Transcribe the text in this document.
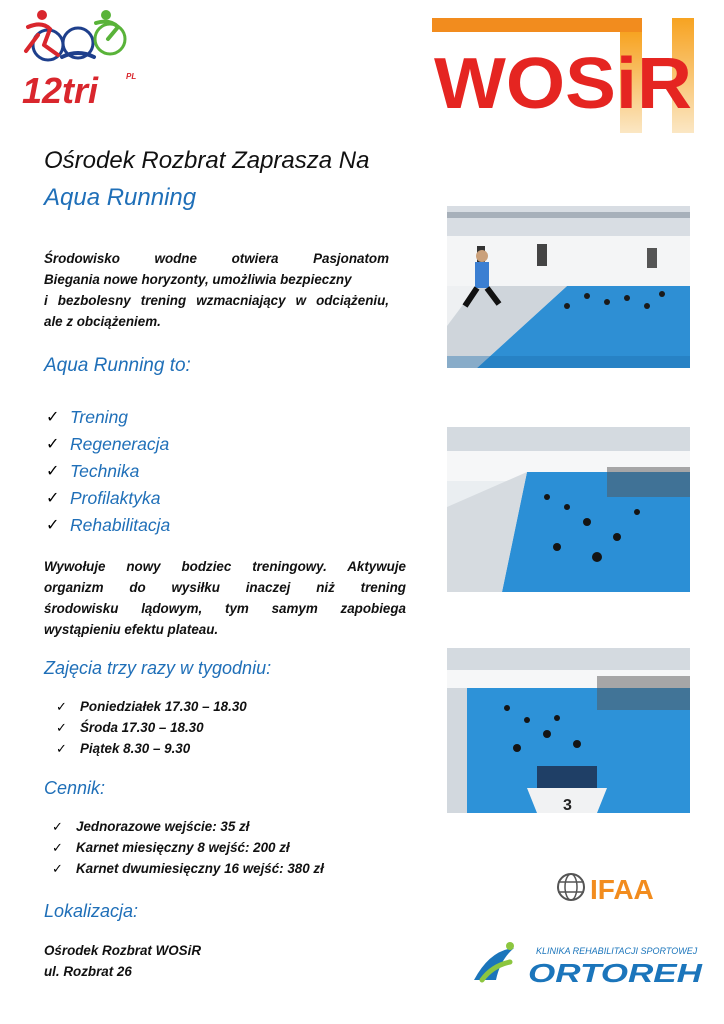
12tri	PL	WOSiR
Ośrodek Rozbrat Zaprasza Na
Aqua Running
Środowisko wodne otwiera Pasjonatom
Biegania nowe horyzonty, umożliwia bezpieczny
i bezbolesny trening wzmacniający w odciążeniu,
ale z obciążeniem.
Aqua Running to:
✓ Trening
✓ Regeneracja
✓ Technika
✓ Profilaktyka
✓ Rehabilitacja
Wywołuje nowy bodziec treningowy. Aktywuje
organizm do wysiłku inaczej niż trening
środowisku lądowym, tym samym zapobiega
wystąpieniu efektu plateau.
Zajęcia trzy razy w tygodniu:
✓ Poniedziałek 17.30 – 18.30
✓ Środa 17.30 – 18.30
✓ Piątek 8.30 – 9.30
Cennik:
✓ Jednorazowe wejście: 35 zł
✓ Karnet miesięczny 8 wejść: 200 zł
✓ Karnet dwumiesięczny 16 wejść: 380 zł
Lokalizacja:
Ośrodek Rozbrat WOSiR
ul. Rozbrat 26
3
IFAA
KLINIKA REHABILITACJI SPORTOWEJ
ORTOREH
